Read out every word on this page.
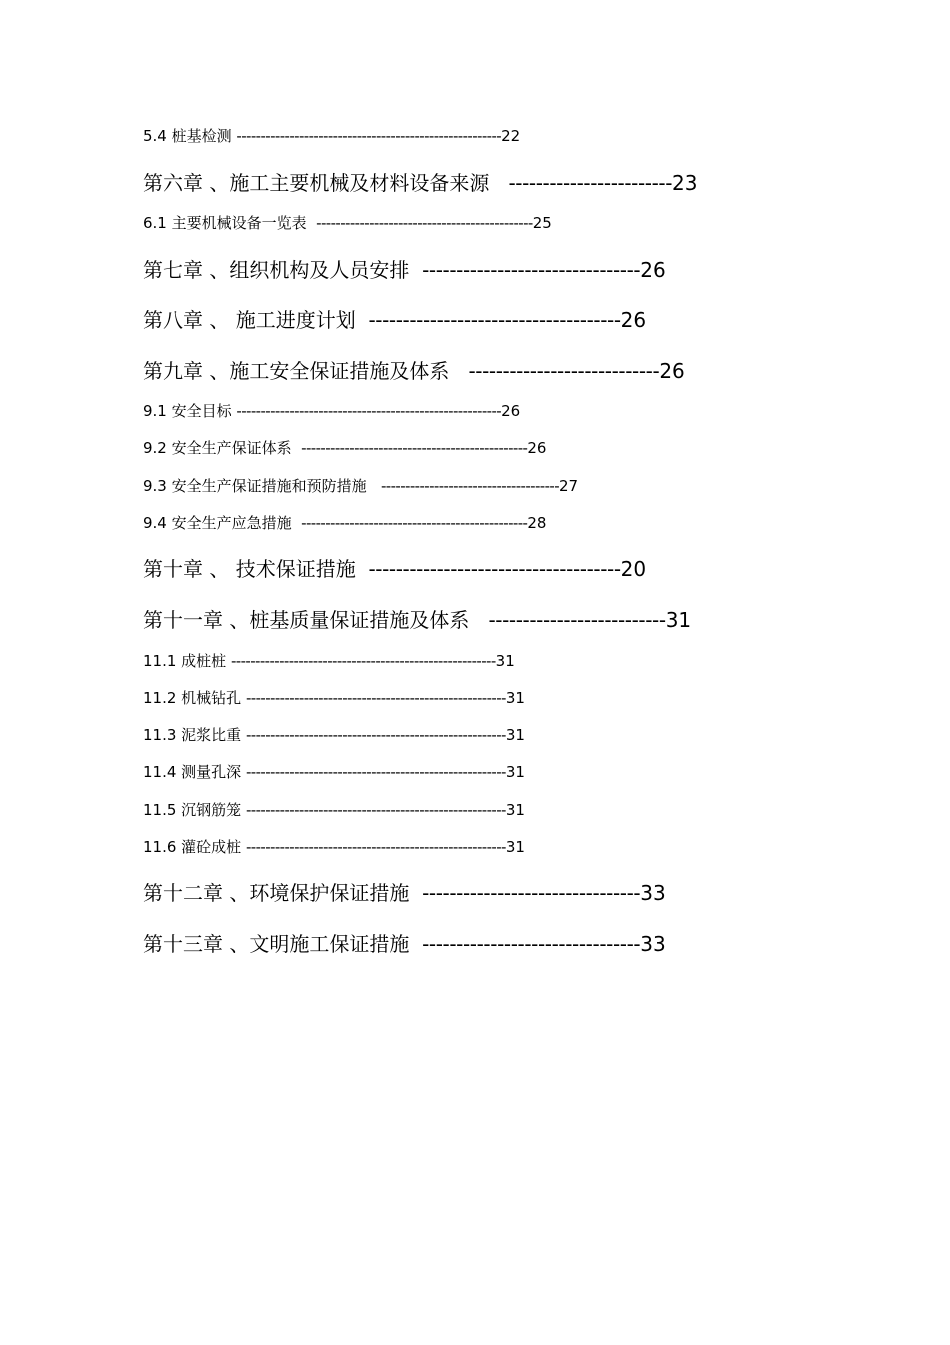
5.4 桩基检测 -------------------------------------------------------22
第六章 、施工主要机械及材料设备来源 ------------------------23
6.1 主要机械设备一览表 ---------------------------------------------25
第七章 、组织机构及人员安排 --------------------------------26
第八章 、 施工进度计划 -------------------------------------26
第九章 、施工安全保证措施及体系 ----------------------------26
9.1 安全目标 -------------------------------------------------------26
9.2 安全生产保证体系 -----------------------------------------------26
9.3 安全生产保证措施和预防措施 -------------------------------------27
9.4 安全生产应急措施 -----------------------------------------------28
第十章 、 技术保证措施 -------------------------------------20
第十一章 、桩基质量保证措施及体系 --------------------------31
11.1 成桩桩 -------------------------------------------------------31
11.2 机械钻孔 ------------------------------------------------------31
11.3 泥浆比重 ------------------------------------------------------31
11.4 测量孔深 ------------------------------------------------------31
11.5 沉钢筋笼 ------------------------------------------------------31
11.6 灌砼成桩 ------------------------------------------------------31
第十二章 、环境保护保证措施 --------------------------------33
第十三章 、文明施工保证措施 --------------------------------33
